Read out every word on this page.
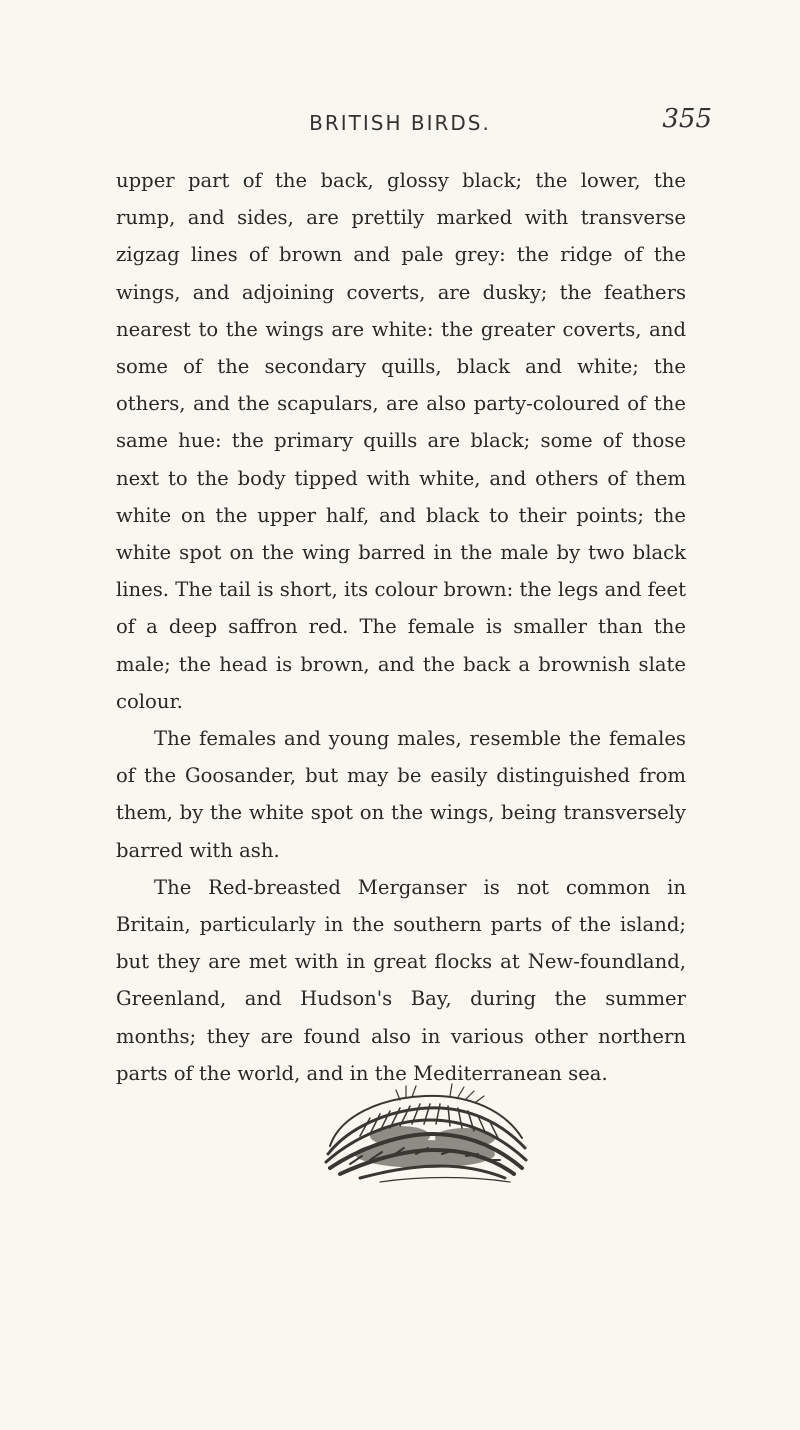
BRITISH BIRDS.	355

upper part of the back, glossy black; the lower, the rump, and sides, are prettily marked with transverse zigzag lines of brown and pale grey: the ridge of the wings, and adjoining coverts, are dusky; the feathers nearest to the wings are white: the greater coverts, and some of the secondary quills, black and white; the others, and the scapulars, are also party-coloured of the same hue: the primary quills are black; some of those next to the body tipped with white, and others of them white on the upper half, and black to their points; the white spot on the wing barred in the male by two black lines. The tail is short, its colour brown: the legs and feet of a deep saffron red. The female is smaller than the male; the head is brown, and the back a brownish slate colour.

The females and young males, resemble the females of the Goosander, but may be easily distinguished from them, by the white spot on the wings, being transversely barred with ash.

The Red-breasted Merganser is not common in Britain, particularly in the southern parts of the island; but they are met with in great flocks at New-foundland, Greenland, and Hudson's Bay, during the summer months; they are found also in various other northern parts of the world, and in the Mediterranean sea.
